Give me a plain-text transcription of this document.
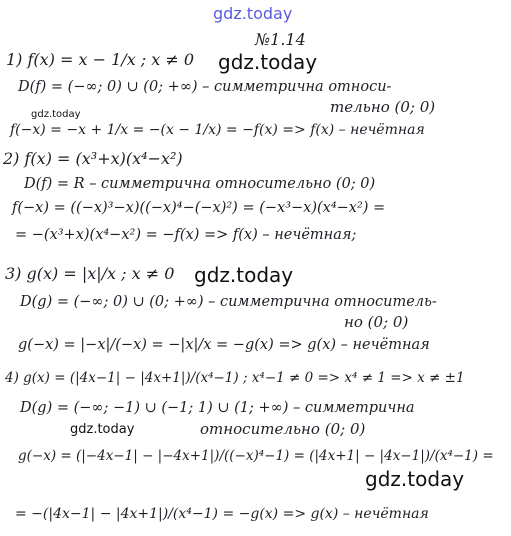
gdz.today
№1.14
1) f(x) = x − 1/x ; x ≠ 0 gdz.today
D(f) = (−∞; 0) ∪ (0; +∞) – симметрична относи-
тельно (0; 0)
gdz.today
f(−x) = −x + 1/x = −(x − 1/x) = −f(x) => f(x) – нечётная
2) f(x) = (x³+x)(x⁴−x²)
D(f) = R – симметрична относительно (0; 0)
f(−x) = ((−x)³−x)((−x)⁴−(−x)²) = (−x³−x)(x⁴−x²) =
= −(x³+x)(x⁴−x²) = −f(x) => f(x) – нечётная;
3) g(x) = |x|/x ; x ≠ 0 gdz.today
D(g) = (−∞; 0) ∪ (0; +∞) – симметрична относитель-
но (0; 0)
g(−x) = |−x|/(−x) = −|x|/x = −g(x) => g(x) – нечётная
4) g(x) = (|4x−1| − |4x+1|)/(x⁴−1) ; x⁴−1 ≠ 0 => x⁴ ≠ 1 => x ≠ ±1
D(g) = (−∞; −1) ∪ (−1; 1) ∪ (1; +∞) – симметрична
gdz.today	относительно (0; 0)
g(−x) = (|−4x−1| − |−4x+1|)/((−x)⁴−1) = (|4x+1| − |4x−1|)/(x⁴−1) =
gdz.today
= −(|4x−1| − |4x+1|)/(x⁴−1) = −g(x) => g(x) – нечётная
